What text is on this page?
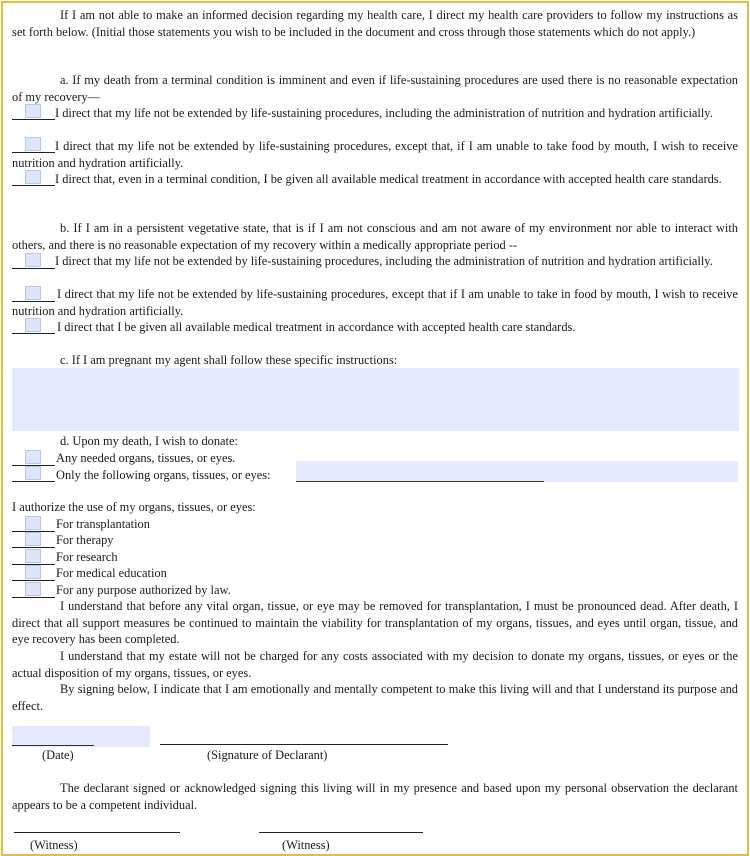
If I am not able to make an informed decision regarding my health care, I direct my health care providers to follow my instructions as set forth below. (Initial those statements you wish to be included in the document and cross through those statements which do not apply.)
a. If my death from a terminal condition is imminent and even if life-sustaining procedures are used there is no reasonable expectation of my recovery—
I direct that my life not be extended by life-sustaining procedures, including the administration of nutrition and hydration artificially.
I direct that my life not be extended by life-sustaining procedures, except that, if I am unable to take food by mouth, I wish to receive nutrition and hydration artificially.
I direct that, even in a terminal condition, I be given all available medical treatment in accordance with accepted health care standards.
b. If I am in a persistent vegetative state, that is if I am not conscious and am not aware of my environment nor able to interact with others, and there is no reasonable expectation of my recovery within a medically appropriate period --
I direct that my life not be extended by life-sustaining procedures, including the administration of nutrition and hydration artificially.
I direct that my life not be extended by life-sustaining procedures, except that if I am unable to take in food by mouth, I wish to receive nutrition and hydration artificially.
I direct that I be given all available medical treatment in accordance with accepted health care standards.
c. If I am pregnant my agent shall follow these specific instructions:
d. Upon my death, I wish to donate:
Any needed organs, tissues, or eyes.
Only the following organs, tissues, or eyes:
I authorize the use of my organs, tissues, or eyes:
For transplantation
For therapy
For research
For medical education
For any purpose authorized by law.
I understand that before any vital organ, tissue, or eye may be removed for transplantation, I must be pronounced dead. After death, I direct that all support measures be continued to maintain the viability for transplantation of my organs, tissues, and eyes until organ, tissue, and eye recovery has been completed.
I understand that my estate will not be charged for any costs associated with my decision to donate my organs, tissues, or eyes or the actual disposition of my organs, tissues, or eyes.
By signing below, I indicate that I am emotionally and mentally competent to make this living will and that I understand its purpose and effect.
(Date)	(Signature of Declarant)
The declarant signed or acknowledged signing this living will in my presence and based upon my personal observation the declarant appears to be a competent individual.
(Witness)	(Witness)
